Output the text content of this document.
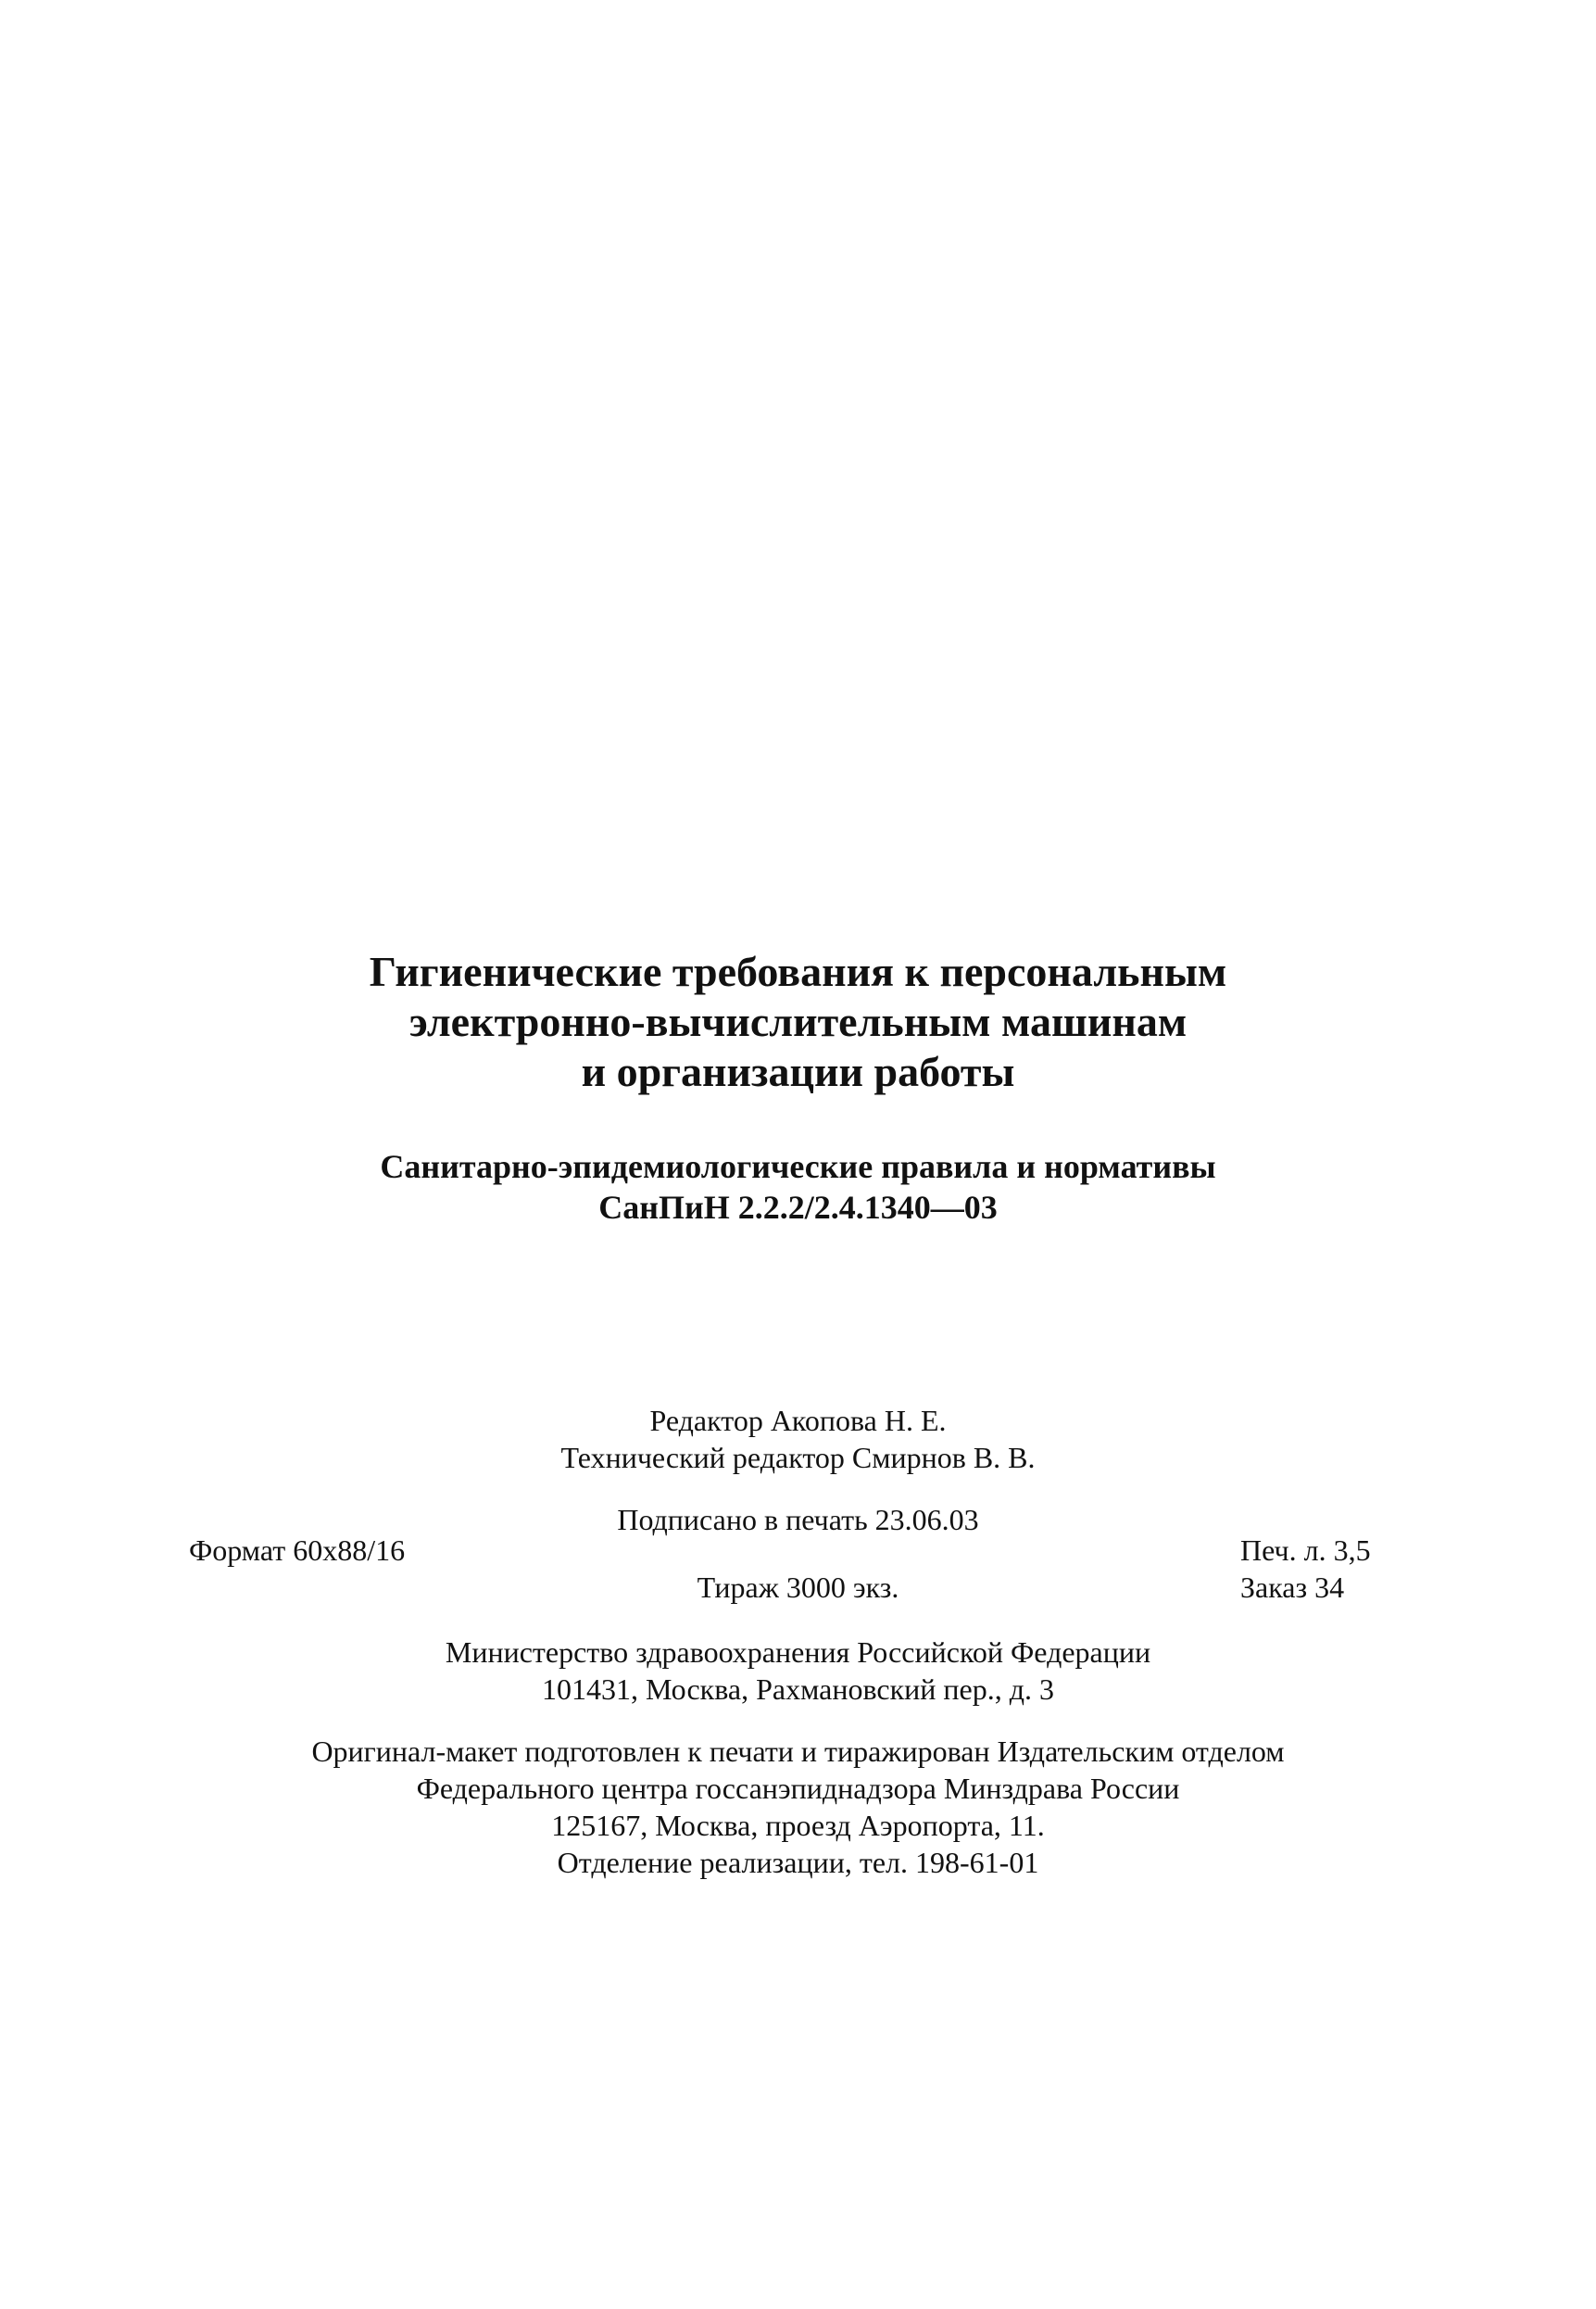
Гигиенические требования к персональным
электронно-вычислительным машинам
и организации работы
Санитарно-эпидемиологические правила и нормативы
СанПиН 2.2.2/2.4.1340—03
Редактор Акопова Н. Е.
Технический редактор Смирнов В. В.
Подписано в печать 23.06.03
Формат 60x88/16	Печ. л. 3,5
Тираж 3000 экз.	Заказ 34
Министерство здравоохранения Российской Федерации
101431, Москва, Рахмановский пер., д. 3
Оригинал-макет подготовлен к печати и тиражирован Издательским отделом
Федерального центра госсанэпиднадзора Минздрава России
125167, Москва, проезд Аэропорта, 11.
Отделение реализации, тел. 198-61-01
